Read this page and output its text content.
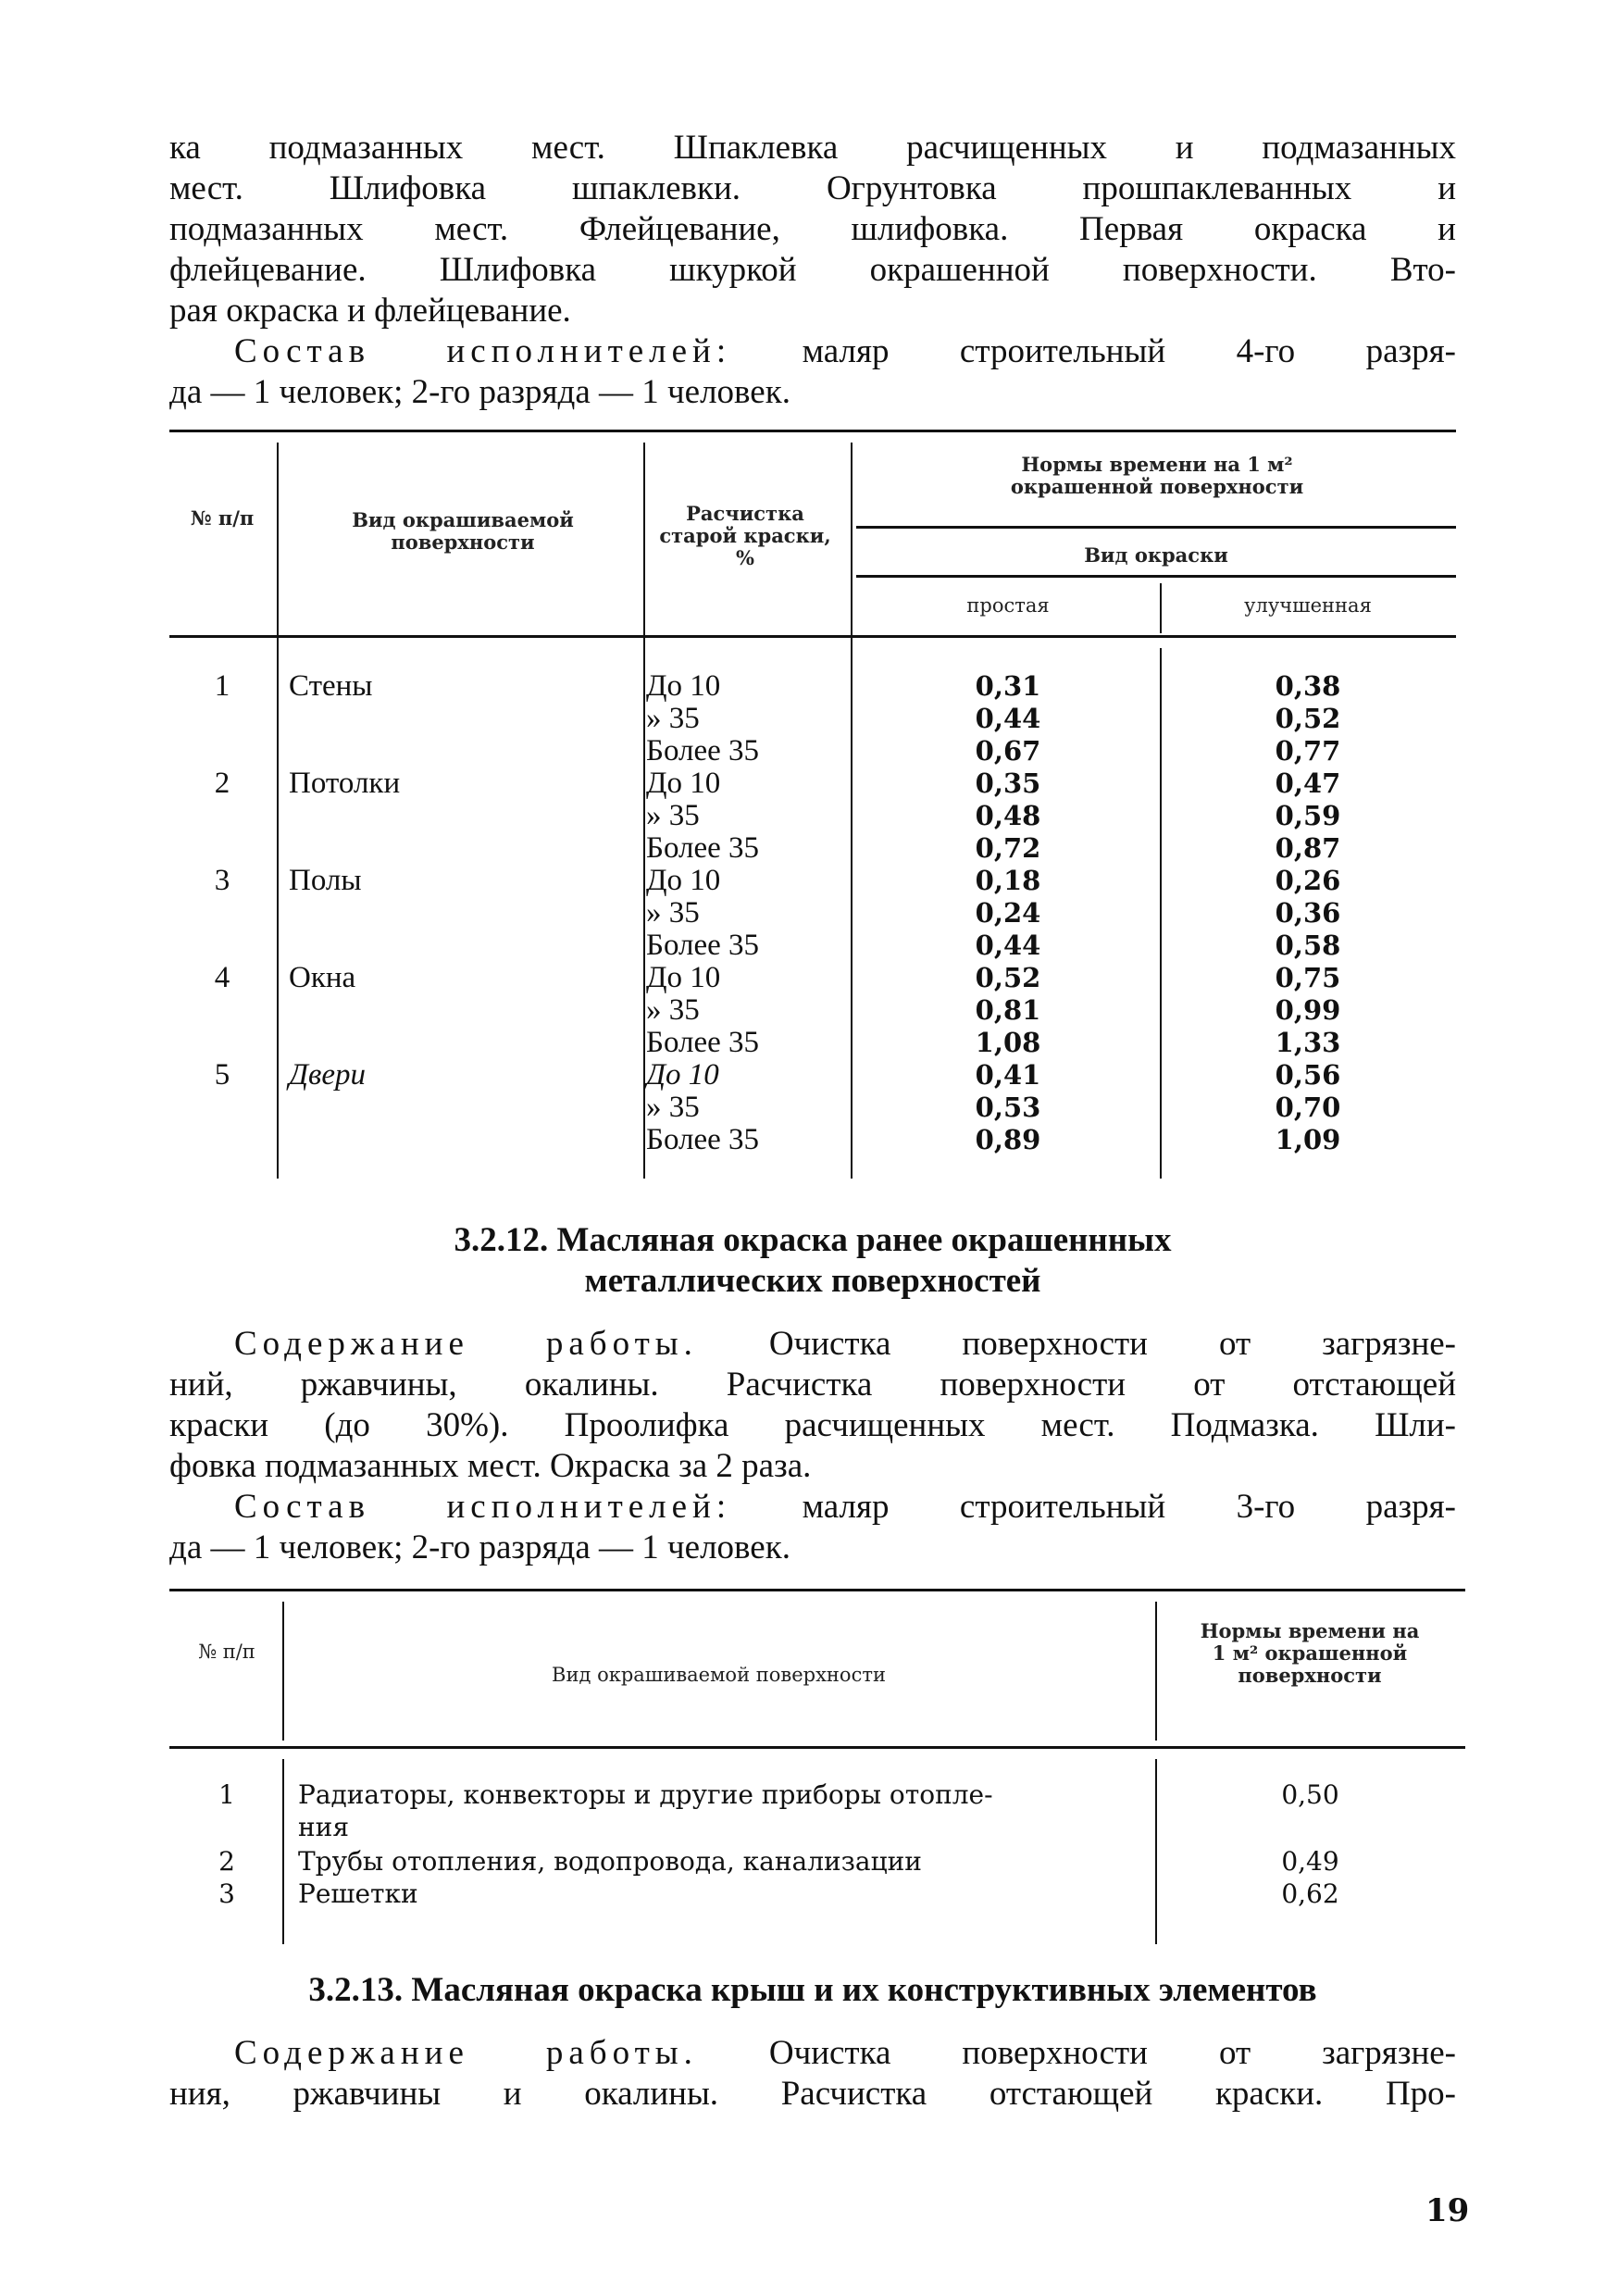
ка подмазанных мест. Шпаклевка расчищенных и подмазанных
мест. Шлифовка шпаклевки. Огрунтовка прошпаклеванных и
подмазанных мест. Флейцевание, шлифовка. Первая окраска и
флейцевание. Шлифовка шкуркой окрашенной поверхности. Вто-
рая окраска и флейцевание.
Состав исполнителей: маляр строительный 4-го разря-
да — 1 человек; 2-го разряда — 1 человек.
№ п/п	Вид окрашиваемой поверхности
Расчистка старой краски, %
Нормы времени на 1 м² окрашенной поверхности
Вид окраски
простая	улучшенная
1	Стены	До 10	0,31	0,38
» 35	0,44	0,52
Более 35	0,67	0,77
2	Потолки	До 10	0,35	0,47
» 35	0,48	0,59
Более 35	0,72	0,87
3	Полы	До 10	0,18	0,26
» 35	0,24	0,36
Более 35	0,44	0,58
4	Окна	До 10	0,52	0,75
» 35	0,81	0,99
Более 35	1,08	1,33
5	Двери	До 10	0,41	0,56
» 35	0,53	0,70
Более 35	0,89	1,09
3.2.12. Масляная окраска ранее окрашеннных
металлических поверхностей
Содержание работы. Очистка поверхности от загрязне-
ний, ржавчины, окалины. Расчистка поверхности от отстающей
краски (до 30%). Проолифка расчищенных мест. Подмазка. Шли-
фовка подмазанных мест. Окраска за 2 раза.
Состав исполнителей: маляр строительный 3-го разря-
да — 1 человек; 2-го разряда — 1 человек.
№ п/п
Вид окрашиваемой поверхности
Нормы времени на 1 м² окрашенной поверхности
1	Радиаторы, конвекторы и другие приборы отопле-	0,50
ния
2	Трубы отопления, водопровода, канализации	0,49
3	Решетки	0,62
3.2.13. Масляная окраска крыш и их конструктивных элементов
Содержание работы. Очистка поверхности от загрязне-
ния, ржавчины и окалины. Расчистка отстающей краски. Про-
19
